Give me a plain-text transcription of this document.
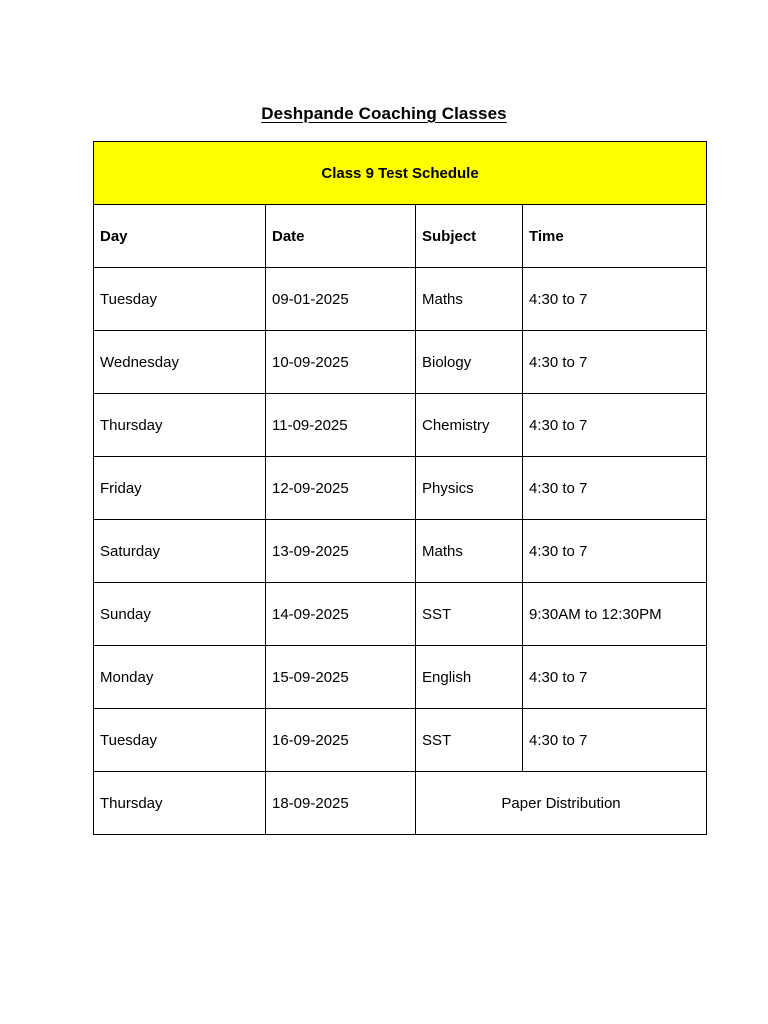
Deshpande Coaching Classes
Class 9 Test Schedule			
Day	Date	Subject	Time
Tuesday	09-01-2025	Maths	4:30 to 7
Wednesday	10-09-2025	Biology	4:30 to 7
Thursday	11-09-2025	Chemistry	4:30 to 7
Friday	12-09-2025	Physics	4:30 to 7
Saturday	13-09-2025	Maths	4:30 to 7
Sunday	14-09-2025	SST	9:30AM to 12:30PM
Monday	15-09-2025	English	4:30 to 7
Tuesday	16-09-2025	SST	4:30 to 7
Thursday	18-09-2025	Paper Distribution	
